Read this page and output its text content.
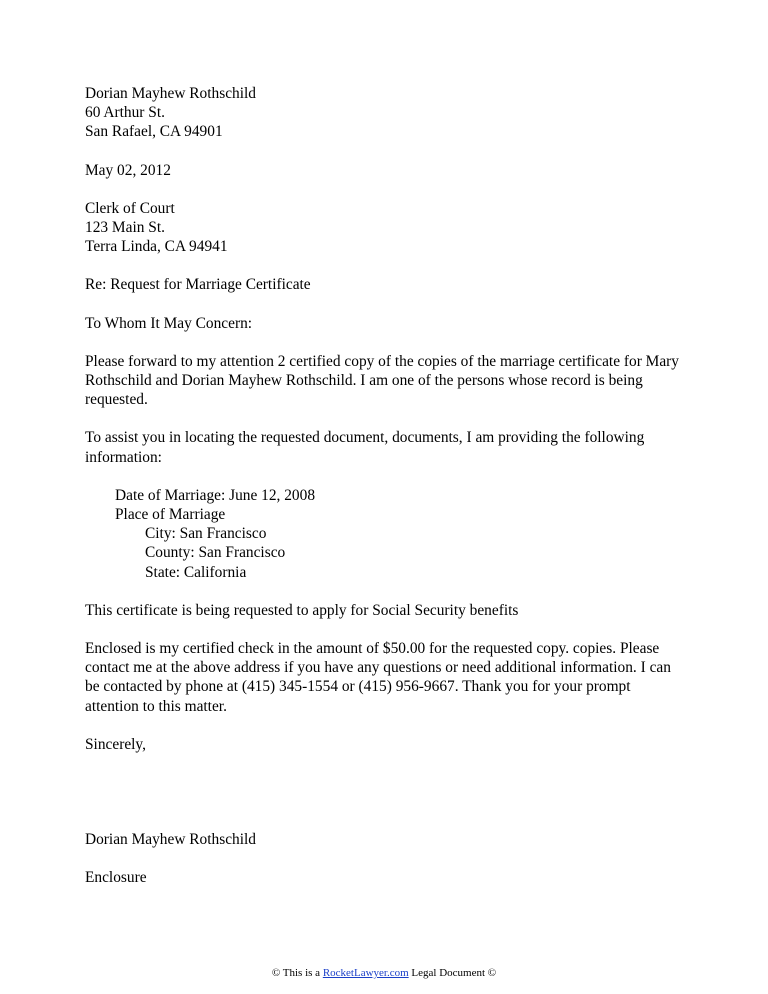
Dorian Mayhew Rothschild
60 Arthur St.
San Rafael, CA 94901
May 02, 2012
Clerk of Court
123 Main St.
Terra Linda, CA 94941
Re: Request for Marriage Certificate
To Whom It May Concern:

Please forward to my attention 2 certified copy of the copies of the marriage certificate for Mary Rothschild and Dorian Mayhew Rothschild. I am one of the persons whose record is being requested.

To assist you in locating the requested document, documents, I am providing the following information:

Date of Marriage: June 12, 2008
Place of Marriage
City: San Francisco
County: San Francisco
State: California

This certificate is being requested to apply for Social Security benefits

Enclosed is my certified check in the amount of $50.00 for the requested copy. copies. Please contact me at the above address if you have any questions or need additional information. I can be contacted by phone at (415) 345-1554 or (415) 956-9667. Thank you for your prompt attention to this matter.

Sincerely,
Dorian Mayhew Rothschild
Enclosure
© This is a RocketLawyer.com Legal Document ©
